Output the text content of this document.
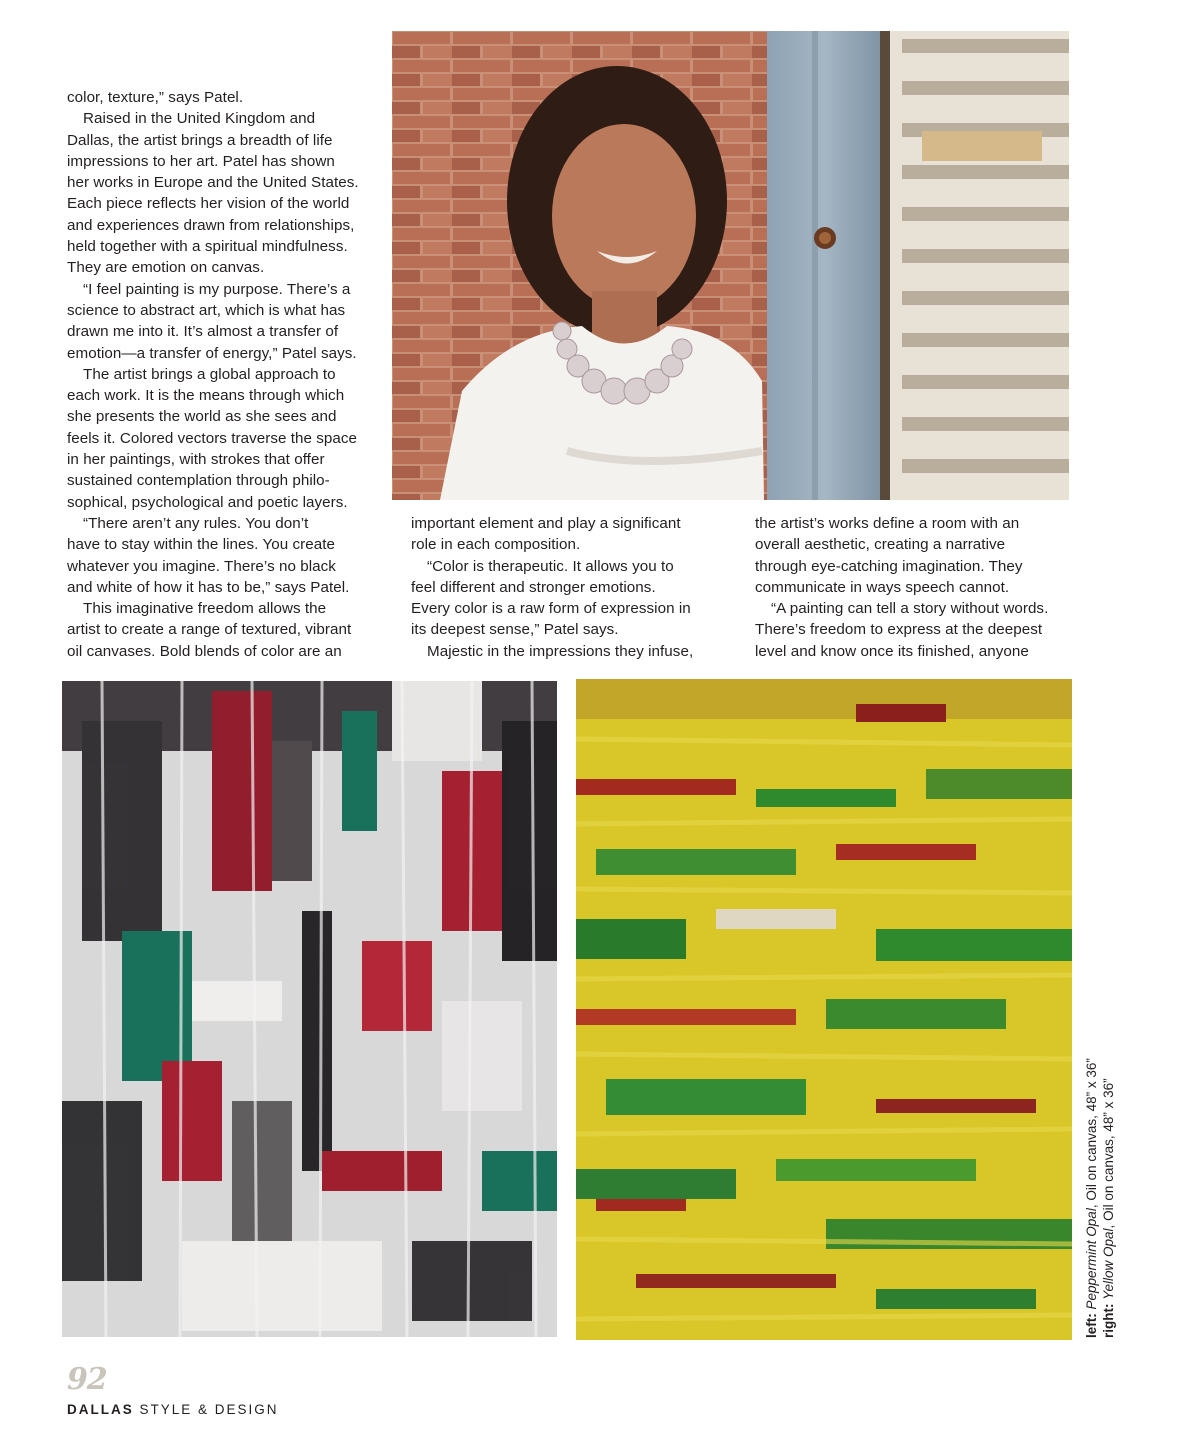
color, texture,” says Patel.
Raised in the United Kingdom and
Dallas, the artist brings a breadth of life
impressions to her art. Patel has shown
her works in Europe and the United States.
Each piece reflects her vision of the world
and experiences drawn from relationships,
held together with a spiritual mindfulness.
They are emotion on canvas.
“I feel painting is my purpose. There’s a
science to abstract art, which is what has
drawn me into it. It’s almost a transfer of
emotion—a transfer of energy,” Patel says.
The artist brings a global approach to
each work. It is the means through which
she presents the world as she sees and
feels it. Colored vectors traverse the space
in her paintings, with strokes that offer
sustained contemplation through philo-
sophical, psychological and poetic layers.
“There aren’t any rules. You don’t
have to stay within the lines. You create
whatever you imagine. There’s no black
and white of how it has to be,” says Patel.
This imaginative freedom allows the
artist to create a range of textured, vibrant
oil canvases. Bold blends of color are an
important element and play a significant
role in each composition.
“Color is therapeutic. It allows you to
feel different and stronger emotions.
Every color is a raw form of expression in
its deepest sense,” Patel says.
Majestic in the impressions they infuse,
the artist’s works define a room with an
overall aesthetic, creating a narrative
through eye-catching imagination. They
communicate in ways speech cannot.
“A painting can tell a story without words.
There’s freedom to express at the deepest
level and know once its finished, anyone
left: Peppermint Opal, Oil on canvas, 48” x 36”
right: Yellow Opal, Oil on canvas, 48” x 36”
92
DALLAS STYLE & DESIGN
